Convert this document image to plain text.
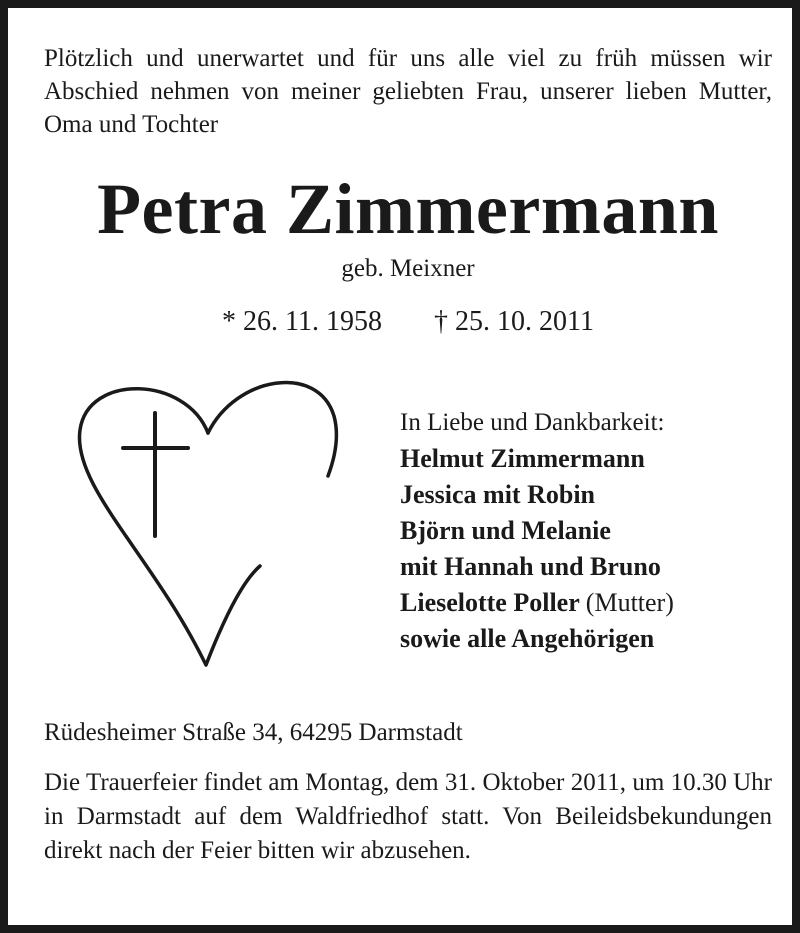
Plötzlich und unerwartet und für uns alle viel zu früh müssen wir Abschied nehmen von meiner geliebten Frau, unserer lieben Mutter, Oma und Tochter
Petra Zimmermann
geb. Meixner
* 26. 11. 1958 † 25. 10. 2011
In Liebe und Dankbarkeit:
Helmut Zimmermann
Jessica mit Robin
Björn und Melanie
mit Hannah und Bruno
Lieselotte Poller (Mutter)
sowie alle Angehörigen
Rüdesheimer Straße 34, 64295 Darmstadt
Die Trauerfeier findet am Montag, dem 31. Oktober 2011, um 10.30 Uhr in Darmstadt auf dem Waldfriedhof statt. Von Beileidsbekundungen direkt nach der Feier bitten wir abzusehen.
